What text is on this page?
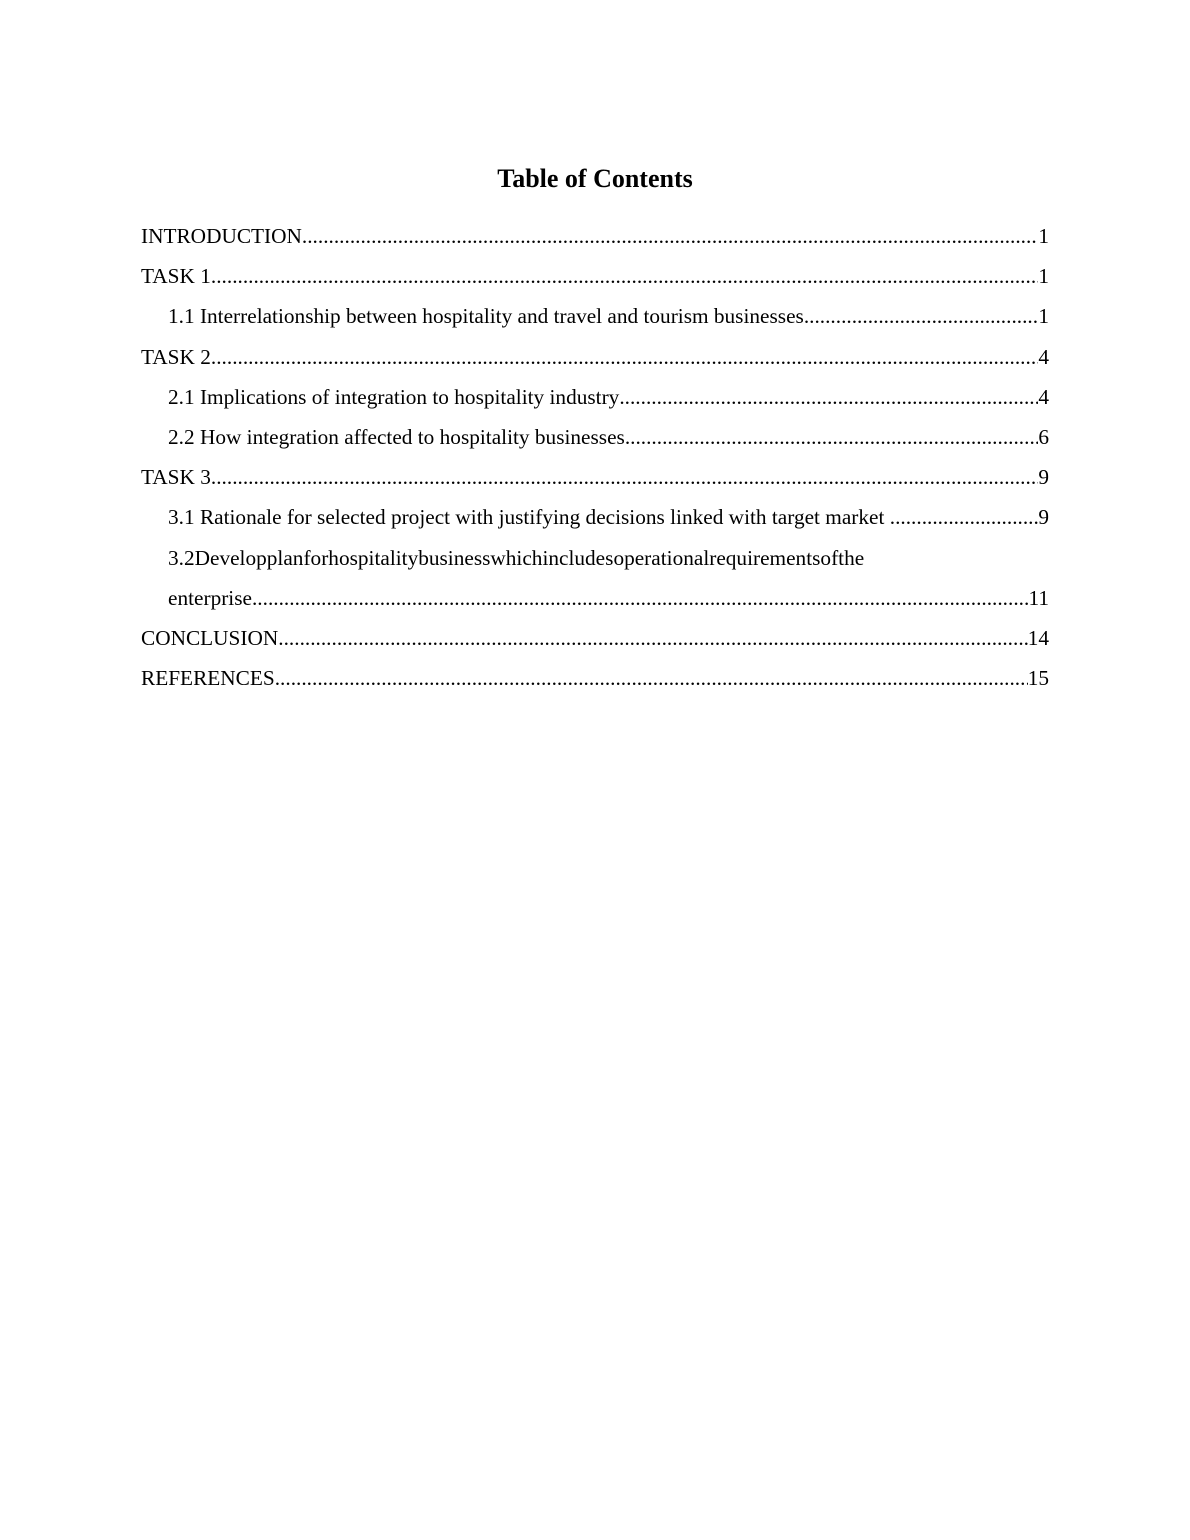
Table of Contents
INTRODUCTION .....	1
TASK 1 .....	1
1.1 Interrelationship between hospitality and travel and tourism businesses .....	1
TASK 2 .....	4
2.1 Implications of integration to hospitality industry .....	4
2.2 How integration affected to hospitality businesses .....	6
TASK 3 .....	9
3.1 Rationale for selected project with justifying decisions linked with target market .....	9
3.2Developplanforhospitalitybusinesswhichincludesoperationalrequirementsofthe
enterprise .....	11
CONCLUSION .....	14
REFERENCES .....	15
